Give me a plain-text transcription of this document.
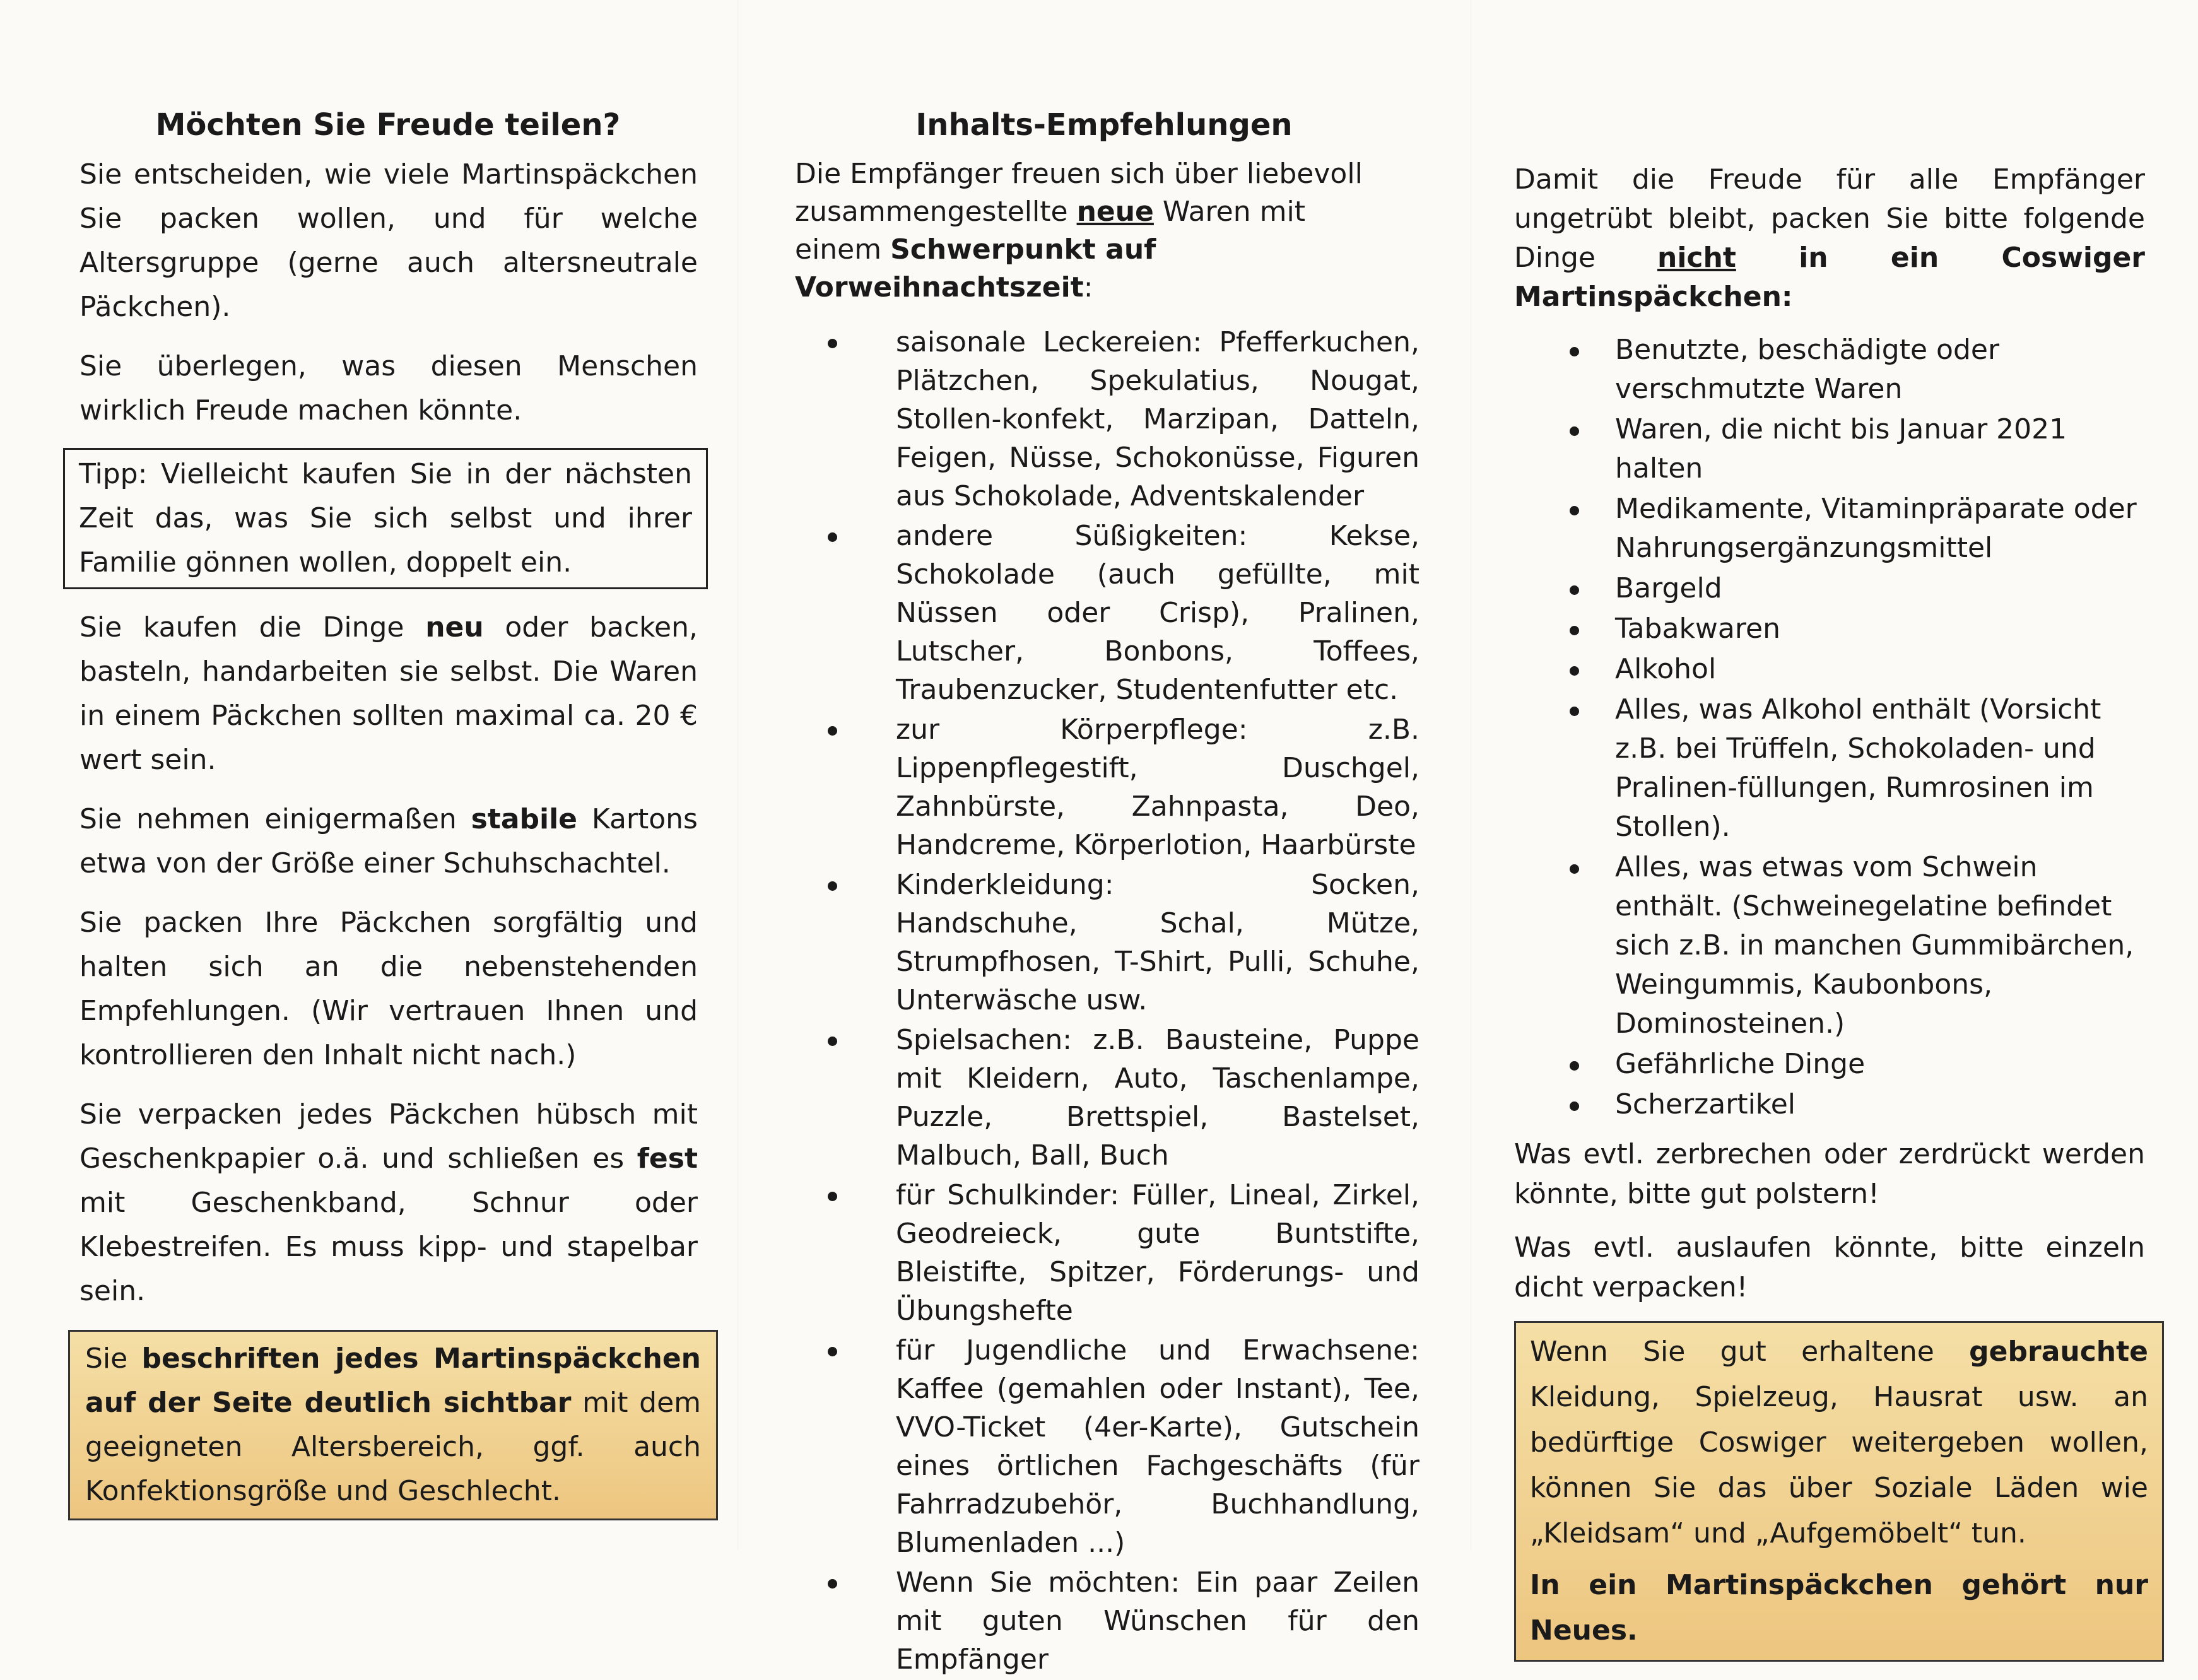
Möchten Sie Freude teilen?

Sie entscheiden, wie viele Martinspäckchen Sie packen wollen, und für welche Altersgruppe (gerne auch altersneutrale Päckchen).

Sie überlegen, was diesen Menschen wirklich Freude machen könnte.

Tipp: Vielleicht kaufen Sie in der nächsten Zeit das, was Sie sich selbst und ihrer Familie gönnen wollen, doppelt ein.

Sie kaufen die Dinge neu oder backen, basteln, handarbeiten sie selbst. Die Waren in einem Päckchen sollten maximal ca. 20 € wert sein.

Sie nehmen einigermaßen stabile Kartons etwa von der Größe einer Schuhschachtel.

Sie packen Ihre Päckchen sorgfältig und halten sich an die nebenstehenden Empfehlungen. (Wir vertrauen Ihnen und kontrollieren den Inhalt nicht nach.)

Sie verpacken jedes Päckchen hübsch mit Geschenkpapier o.ä. und schließen es fest mit Geschenkband, Schnur oder Klebestreifen. Es muss kipp- und stapelbar sein.

Sie beschriften jedes Martinspäckchen auf der Seite deutlich sichtbar mit dem geeigneten Altersbereich, ggf. auch Konfektionsgröße und Geschlecht.

Inhalts-Empfehlungen

Die Empfänger freuen sich über liebevoll zusammengestellte neue Waren mit einem Schwerpunkt auf Vorweihnachtszeit:

saisonale Leckereien: Pfefferkuchen, Plätzchen, Spekulatius, Nougat, Stollen-konfekt, Marzipan, Datteln, Feigen, Nüsse, Schokonüsse, Figuren aus Schokolade, Adventskalender
andere Süßigkeiten: Kekse, Schokolade (auch gefüllte, mit Nüssen oder Crisp), Pralinen, Lutscher, Bonbons, Toffees, Traubenzucker, Studentenfutter etc.
zur Körperpflege: z.B. Lippenpflegestift, Duschgel, Zahnbürste, Zahnpasta, Deo, Handcreme, Körperlotion, Haarbürste
Kinderkleidung: Socken, Handschuhe, Schal, Mütze, Strumpfhosen, T-Shirt, Pulli, Schuhe, Unterwäsche usw.
Spielsachen: z.B. Bausteine, Puppe mit Kleidern, Auto, Taschenlampe, Puzzle, Brettspiel, Bastelset, Malbuch, Ball, Buch
für Schulkinder: Füller, Lineal, Zirkel, Geodreieck, gute Buntstifte, Bleistifte, Spitzer, Förderungs- und Übungshefte
für Jugendliche und Erwachsene: Kaffee (gemahlen oder Instant), Tee, VVO-Ticket (4er-Karte), Gutschein eines örtlichen Fachgeschäfts (für Fahrradzubehör, Buchhandlung, Blumenladen ...)
Wenn Sie möchten: Ein paar Zeilen mit guten Wünschen für den Empfänger

Damit die Freude für alle Empfänger ungetrübt bleibt, packen Sie bitte folgende Dinge nicht in ein Coswiger Martinspäckchen:

Benutzte, beschädigte oder verschmutzte Waren
Waren, die nicht bis Januar 2021 halten
Medikamente, Vitaminpräparate oder Nahrungsergänzungsmittel
Bargeld
Tabakwaren
Alkohol
Alles, was Alkohol enthält (Vorsicht z.B. bei Trüffeln, Schokoladen- und Pralinen-füllungen, Rumrosinen im Stollen).
Alles, was etwas vom Schwein enthält. (Schweinegelatine befindet sich z.B. in manchen Gummibärchen, Weingummis, Kaubonbons, Dominosteinen.)
Gefährliche Dinge
Scherzartikel

Was evtl. zerbrechen oder zerdrückt werden könnte, bitte gut polstern!

Was evtl. auslaufen könnte, bitte einzeln dicht verpacken!

Wenn Sie gut erhaltene gebrauchte Kleidung, Spielzeug, Hausrat usw. an bedürftige Coswiger weitergeben wollen, können Sie das über Soziale Läden wie „Kleidsam“ und „Aufgemöbelt“ tun.

In ein Martinspäckchen gehört nur Neues.
